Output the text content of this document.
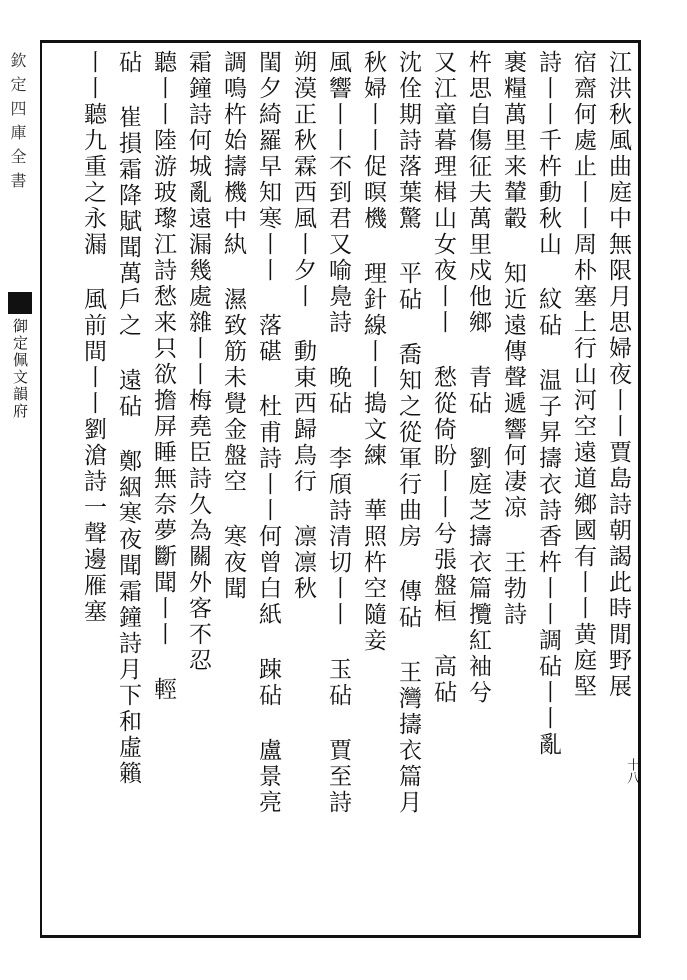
欽定四庫全書
御定佩文韻府
十八
江洪秋風曲庭中無限月思婦夜丨丨賈島詩朝謁此時閒野展
宿齋何處止丨丨周朴塞上行山河空遠道鄉國有丨丨黄庭堅
詩丨丨千杵動秋山 紋砧 温子昇擣衣詩香杵丨丨調砧丨丨亂
裹糧萬里来輦轂 知近遠傳聲遞響何凄凉 王勃詩
杵思自傷征夫萬里戍他鄉 青砧 劉庭芝擣衣篇攬紅袖兮
又江童暮理楫山女夜丨丨 愁從倚盼丨丨兮張盤桓 高砧
沈佺期詩落葉驚 平砧 喬知之從軍行曲房 傳砧 王灣擣衣篇月
秋婦丨丨促暝機 理針線丨丨搗文練 華照杵空隨妾
風響丨丨不到君又喻鳧詩 晚砧 李頎詩清切丨丨 玉砧 賈至詩
朔漠正秋霖西風丨夕丨 動東西歸鳥行 凛凛秋
閨夕綺羅早知寒丨丨 落碪 杜甫詩丨丨何曾白紙 踈砧 盧景亮
調鳴杵始擣機中紈 濕致筋未覺金盤空 寒夜聞
霜鐘詩何城亂遠漏幾處雜丨丨梅堯臣詩久為關外客不忍
聽丨丨陸游玻瓈江詩愁来只欲擔屏睡無奈夢斷聞丨丨 輕
砧 崔損霜降賦聞萬戶之 遠砧 鄭絪寒夜聞霜鐘詩月下和虛籟
丨丨聽九重之永漏 風前間丨丨劉滄詩一聲邊雁塞
